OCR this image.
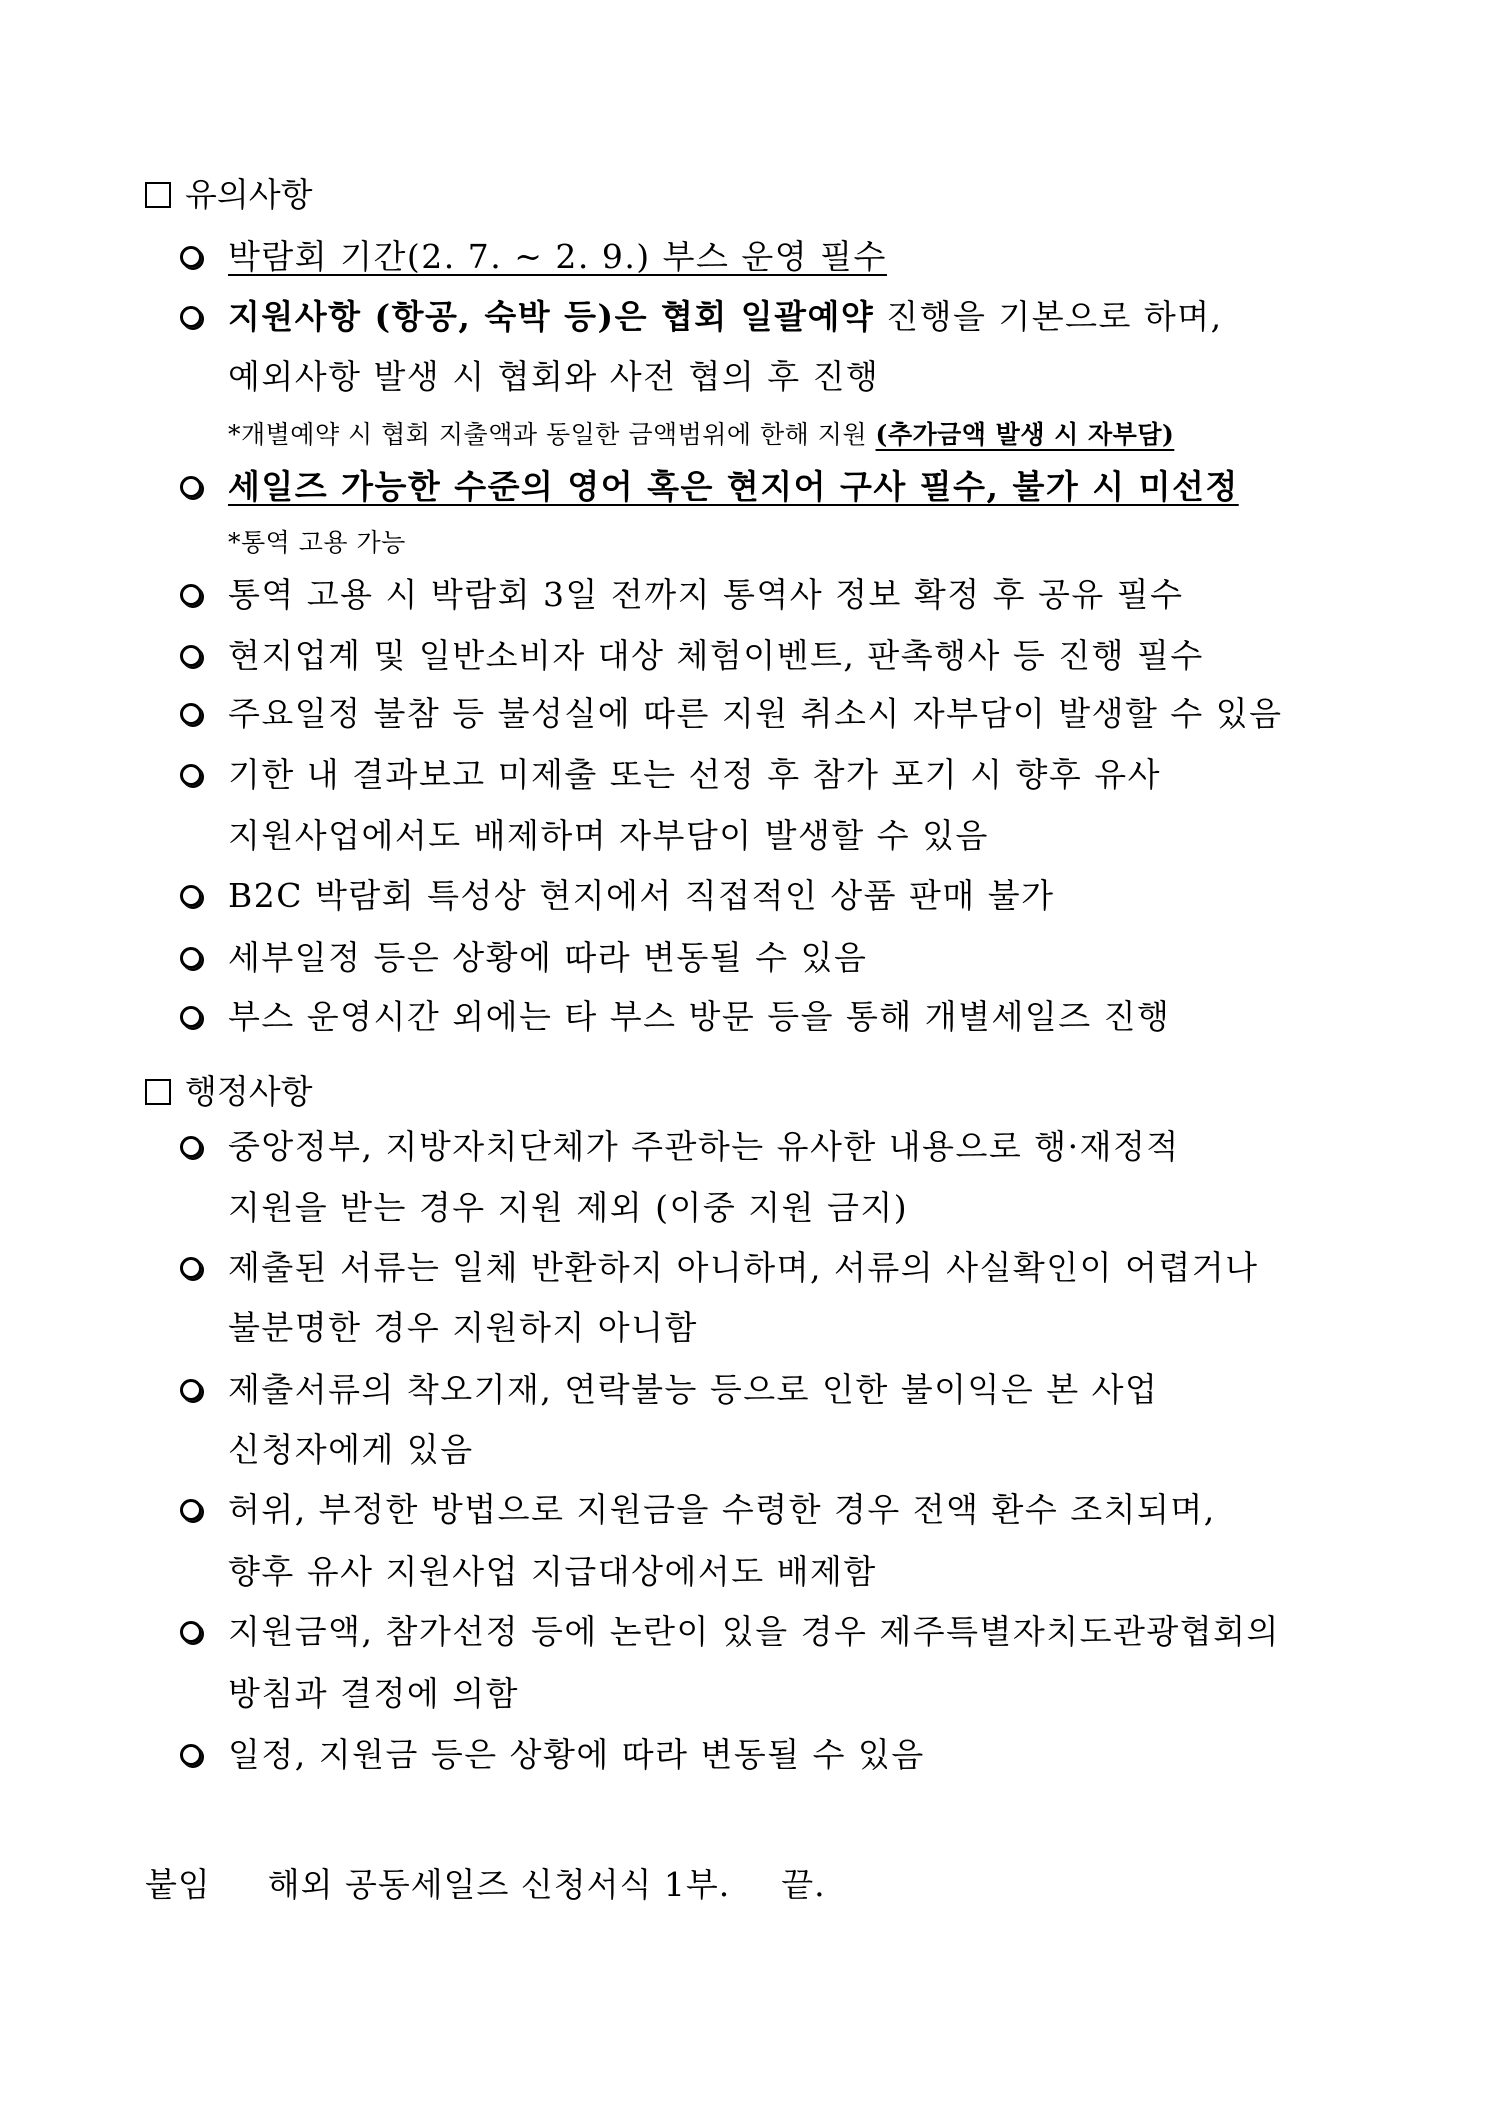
유의사항
박람회 기간(2. 7. ~ 2. 9.) 부스 운영 필수
지원사항 (항공, 숙박 등)은 협회 일괄예약 진행을 기본으로 하며,
예외사항 발생 시 협회와 사전 협의 후 진행
*개별예약 시 협회 지출액과 동일한 금액범위에 한해 지원 (추가금액 발생 시 자부담)
세일즈 가능한 수준의 영어 혹은 현지어 구사 필수, 불가 시 미선정
*통역 고용 가능
통역 고용 시 박람회 3일 전까지 통역사 정보 확정 후 공유 필수
현지업계 및 일반소비자 대상 체험이벤트, 판촉행사 등 진행 필수
주요일정 불참 등 불성실에 따른 지원 취소시 자부담이 발생할 수 있음
기한 내 결과보고 미제출 또는 선정 후 참가 포기 시 향후 유사
지원사업에서도 배제하며 자부담이 발생할 수 있음
B2C 박람회 특성상 현지에서 직접적인 상품 판매 불가
세부일정 등은 상황에 따라 변동될 수 있음
부스 운영시간 외에는 타 부스 방문 등을 통해 개별세일즈 진행
행정사항
중앙정부, 지방자치단체가 주관하는 유사한 내용으로 행·재정적
지원을 받는 경우 지원 제외 (이중 지원 금지)
제출된 서류는 일체 반환하지 아니하며, 서류의 사실확인이 어렵거나
불분명한 경우 지원하지 아니함
제출서류의 착오기재, 연락불능 등으로 인한 불이익은 본 사업
신청자에게 있음
허위, 부정한 방법으로 지원금을 수령한 경우 전액 환수 조치되며,
향후 유사 지원사업 지급대상에서도 배제함
지원금액, 참가선정 등에 논란이 있을 경우 제주특별자치도관광협회의
방침과 결정에 의함
일정, 지원금 등은 상황에 따라 변동될 수 있음
붙임 해외 공동세일즈 신청서식 1부. 끝.
